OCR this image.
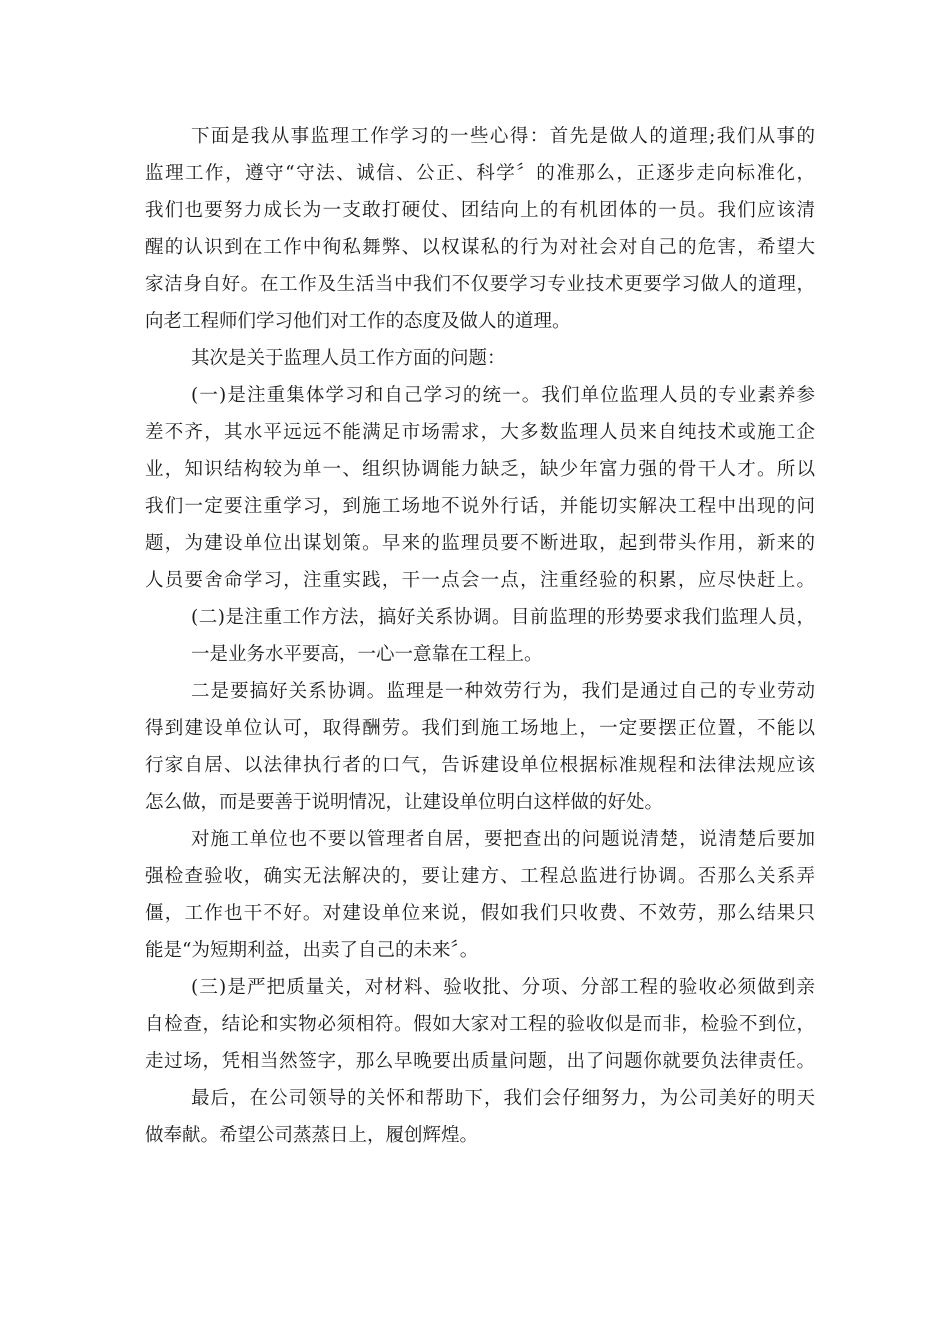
下面是我从事监理工作学习的一些心得：首先是做人的道理;我们从事的
监理工作，遵守“守法、诚信、公正、科学〞的准那么，正逐步走向标准化，
我们也要努力成长为一支敢打硬仗、团结向上的有机团体的一员。我们应该清
醒的认识到在工作中徇私舞弊、以权谋私的行为对社会对自己的危害，希望大
家洁身自好。在工作及生活当中我们不仅要学习专业技术更要学习做人的道理，
向老工程师们学习他们对工作的态度及做人的道理。
其次是关于监理人员工作方面的问题：
(一)是注重集体学习和自己学习的统一。我们单位监理人员的专业素养参
差不齐，其水平远远不能满足市场需求，大多数监理人员来自纯技术或施工企
业，知识结构较为单一、组织协调能力缺乏，缺少年富力强的骨干人才。所以
我们一定要注重学习，到施工场地不说外行话，并能切实解决工程中出现的问
题，为建设单位出谋划策。早来的监理员要不断进取，起到带头作用，新来的
人员要舍命学习，注重实践，干一点会一点，注重经验的积累，应尽快赶上。
(二)是注重工作方法，搞好关系协调。目前监理的形势要求我们监理人员，
一是业务水平要高，一心一意靠在工程上。
二是要搞好关系协调。监理是一种效劳行为，我们是通过自己的专业劳动
得到建设单位认可，取得酬劳。我们到施工场地上，一定要摆正位置，不能以
行家自居、以法律执行者的口气，告诉建设单位根据标准规程和法律法规应该
怎么做，而是要善于说明情况，让建设单位明白这样做的好处。
对施工单位也不要以管理者自居，要把查出的问题说清楚，说清楚后要加
强检查验收，确实无法解决的，要让建方、工程总监进行协调。否那么关系弄
僵，工作也干不好。对建设单位来说，假如我们只收费、不效劳，那么结果只
能是“为短期利益，出卖了自己的未来〞。
(三)是严把质量关，对材料、验收批、分项、分部工程的验收必须做到亲
自检查，结论和实物必须相符。假如大家对工程的验收似是而非，检验不到位，
走过场，凭相当然签字，那么早晚要出质量问题，出了问题你就要负法律责任。
最后，在公司领导的关怀和帮助下，我们会仔细努力，为公司美好的明天
做奉献。希望公司蒸蒸日上，履创辉煌。
